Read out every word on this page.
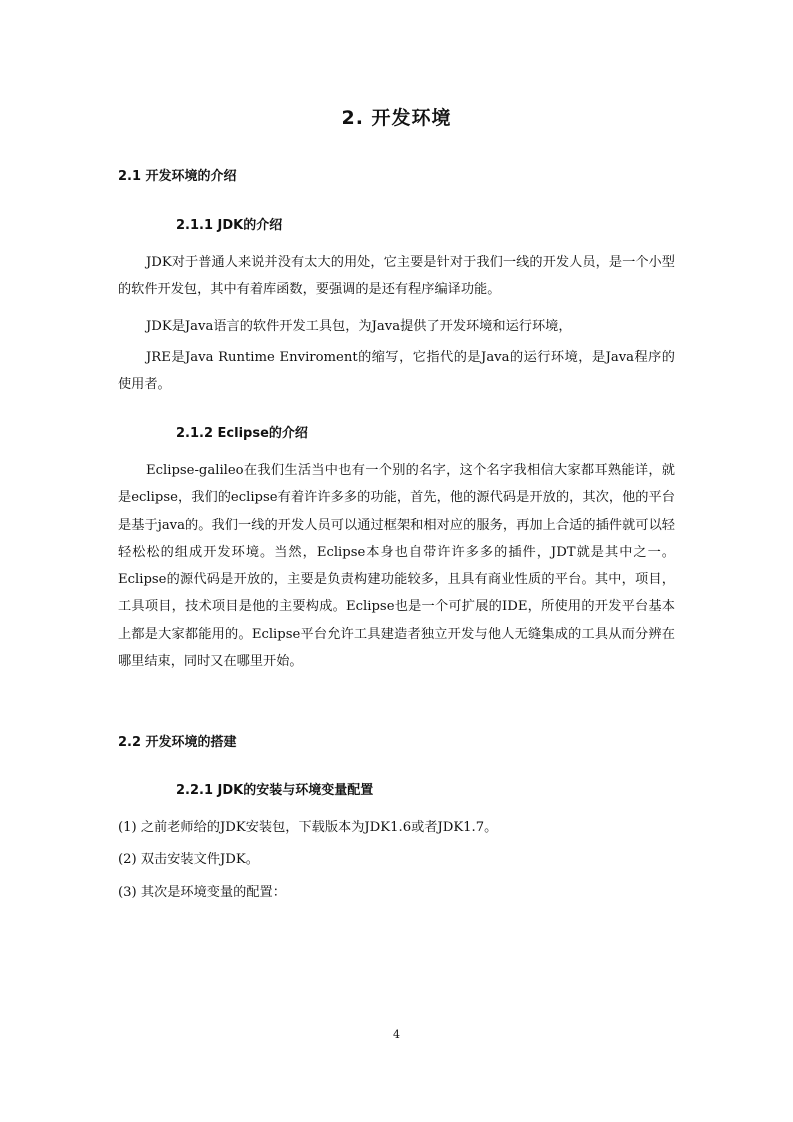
2. 开发环境
2.1 开发环境的介绍
2.1.1 JDK的介绍

JDK对于普通人来说并没有太大的用处，它主要是针对于我们一线的开发人员，是一个小型的软件开发包，其中有着库函数，要强调的是还有程序编译功能。

JDK是Java语言的软件开发工具包，为Java提供了开发环境和运行环境，

JRE是Java Runtime Enviroment的缩写，它指代的是Java的运行环境，是Java程序的使用者。

2.1.2 Eclipse的介绍

Eclipse-galileo在我们生活当中也有一个别的名字，这个名字我相信大家都耳熟能详，就是eclipse，我们的eclipse有着许许多多的功能，首先，他的源代码是开放的，其次，他的平台是基于java的。我们一线的开发人员可以通过框架和相对应的服务，再加上合适的插件就可以轻轻松松的组成开发环境。当然，Eclipse本身也自带许许多多的插件，JDT就是其中之一。Eclipse的源代码是开放的，主要是负责构建功能较多，且具有商业性质的平台。其中，项目，工具项目，技术项目是他的主要构成。Eclipse也是一个可扩展的IDE，所使用的开发平台基本上都是大家都能用的。Eclipse平台允许工具建造者独立开发与他人无缝集成的工具从而分辨在哪里结束，同时又在哪里开始。

2.2 开发环境的搭建
2.2.1 JDK的安装与环境变量配置

(1) 之前老师给的JDK安装包，下载版本为JDK1.6或者JDK1.7。

(2) 双击安装文件JDK。

(3) 其次是环境变量的配置：

4
